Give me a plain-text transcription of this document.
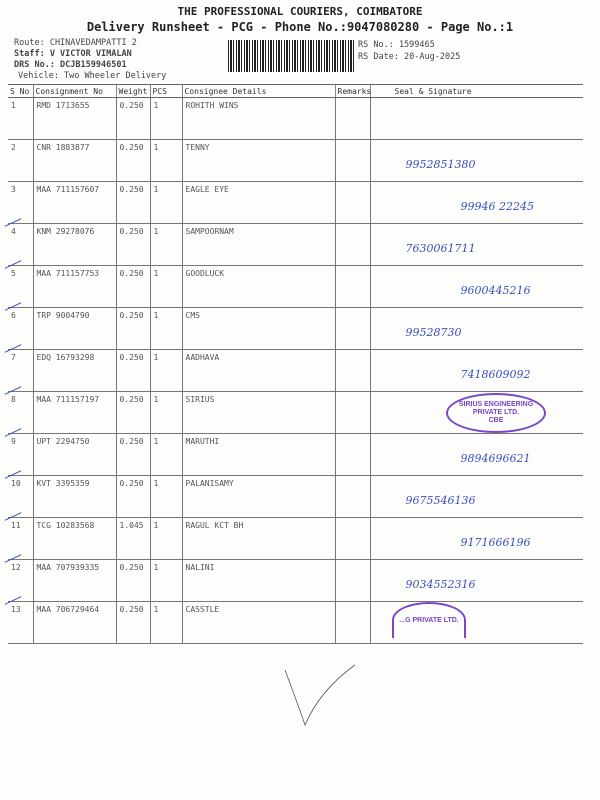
THE PROFESSIONAL COURIERS, COIMBATORE
Delivery Runsheet - PCG - Phone No.:9047080280 - Page No.:1
Route: CHINAVEDAMPATTI 2
Staff: V VICTOR VIMALAN
DRS No.: DCJB159946501
Vehicle: Two Wheeler Delivery
RS No.: 1599465
RS Date: 20-Aug-2025
S No	Consignment No	Weight	PCS	Consignee Details	Remarks	Seal & Signature
1	RMD 1713655	0.250	1	ROHITH WINS		
2	CNR 1883877	0.250	1	TENNY		9952851380

3	MAA 711157607	0.250	1	EAGLE EYE		99946 22245

4	KNM 29278076	0.250	1	SAMPOORNAM		7630061711

5	MAA 711157753	0.250	1	GOODLUCK		9600445216

6	TRP 9004790	0.250	1	CMS		99528730

7	EDQ 16793298	0.250	1	AADHAVA		7418609092

8	MAA 711157197	0.250	1	SIRIUS		
9	UPT 2294750	0.250	1	MARUTHI		9894696621

10	KVT 3395359	0.250	1	PALANISAMY		9675546136

11	TCG 10283568	1.045	1	RAGUL KCT BH		9171666196

12	MAA 707939335	0.250	1	NALINI		9034552316

13	MAA 706729464	0.250	1	CASSTLE		
SIRIUS ENGINEERING PRIVATE LTD.
CBE
...G PRIVATE LTD.
